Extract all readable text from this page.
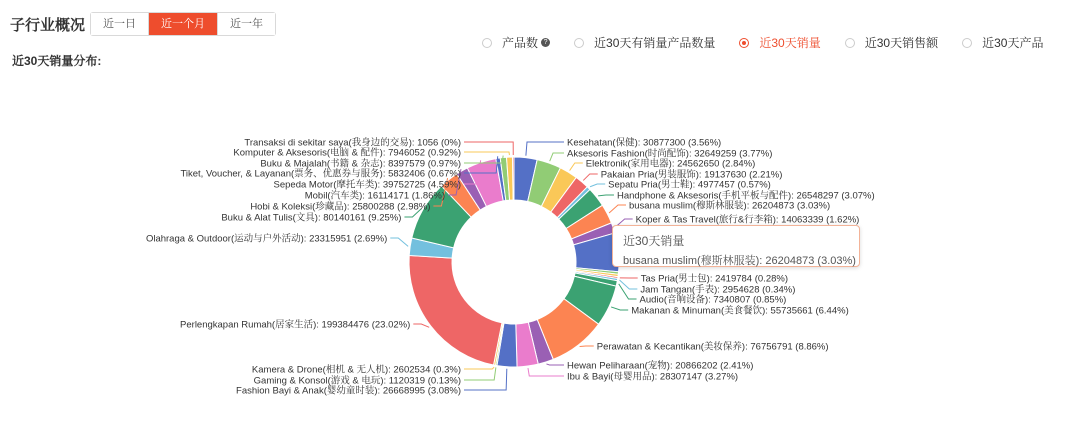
子行业概况	近一日	近一个月	近一年
产品数 ?	近30天有销量产品数量	近30天销量	近30天销售额	近30天产品
近30天销量分布:
Kesehatan(保健): 30877300 (3.56%)
Aksesoris Fashion(时尚配饰): 32649259 (3.77%)
Elektronik(家用电器): 24562650 (2.84%)
Pakaian Pria(男装服饰): 19137630 (2.21%)
Sepatu Pria(男士鞋): 4977457 (0.57%)
Handphone & Aksesoris(手机平板与配件): 26548297 (3.07%)
busana muslim(穆斯林服装): 26204873 (3.03%)
Koper & Tas Travel(旅行&行李箱): 14063339 (1.62%)
Tas Pria(男士包): 2419784 (0.28%)
Jam Tangan(手表): 2954628 (0.34%)
Audio(音响设备): 7340807 (0.85%)
Makanan & Minuman(美食餐饮): 55735661 (6.44%)
Perawatan & Kecantikan(美妆保养): 76756791 (8.86%)
Hewan Peliharaan(宠物): 20866202 (2.41%)
Ibu & Bayi(母婴用品): 28307147 (3.27%)
Fashion Bayi & Anak(婴幼童时装): 26668995 (3.08%)
Gaming & Konsol(游戏 & 电玩): 1120319 (0.13%)
Kamera & Drone(相机 & 无人机): 2602534 (0.3%)
Perlengkapan Rumah(居家生活): 199384476 (23.02%)
Olahraga & Outdoor(运动与户外活动): 23315951 (2.69%)
Buku & Alat Tulis(文具): 80140161 (9.25%)
Hobi & Koleksi(珍藏品): 25800288 (2.98%)
Mobil(汽车类): 16114171 (1.86%)
Sepeda Motor(摩托车类): 39752725 (4.59%)
Tiket, Voucher, & Layanan(票务、优惠券与服务): 5832406 (0.67%)
Buku & Majalah(书籍 & 杂志): 8397579 (0.97%)
Komputer & Aksesoris(电脑 & 配件): 7946052 (0.92%)
Transaksi di sekitar saya(我身边的交易): 1056 (0%)
近30天销量
busana muslim(穆斯林服装): 26204873 (3.03%)
